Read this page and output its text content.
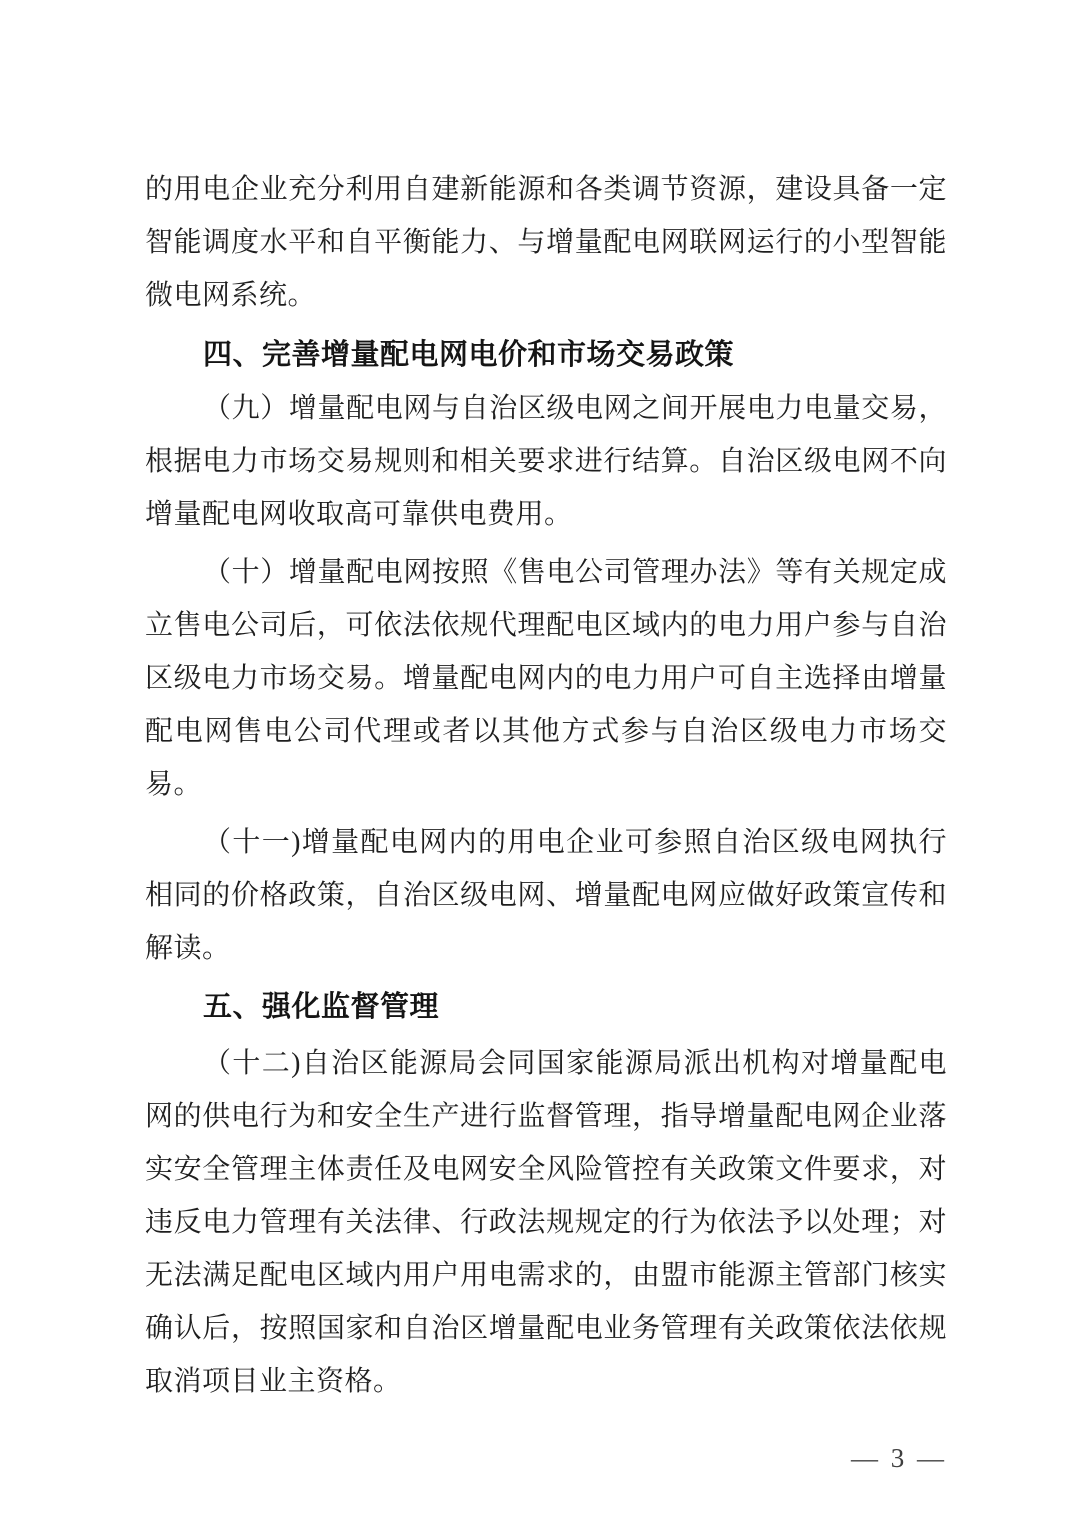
的用电企业充分利用自建新能源和各类调节资源，建设具备一定
智能调度水平和自平衡能力、与增量配电网联网运行的小型智能
微电网系统。
四、完善增量配电网电价和市场交易政策
（九）增量配电网与自治区级电网之间开展电力电量交易，
根据电力市场交易规则和相关要求进行结算。自治区级电网不向
增量配电网收取高可靠供电费用。
（十）增量配电网按照《售电公司管理办法》等有关规定成
立售电公司后，可依法依规代理配电区域内的电力用户参与自治
区级电力市场交易。增量配电网内的电力用户可自主选择由增量
配电网售电公司代理或者以其他方式参与自治区级电力市场交
易。
（十一)增量配电网内的用电企业可参照自治区级电网执行
相同的价格政策，自治区级电网、增量配电网应做好政策宣传和
解读。
五、强化监督管理
（十二)自治区能源局会同国家能源局派出机构对增量配电
网的供电行为和安全生产进行监督管理，指导增量配电网企业落
实安全管理主体责任及电网安全风险管控有关政策文件要求，对
违反电力管理有关法律、行政法规规定的行为依法予以处理；对
无法满足配电区域内用户用电需求的，由盟市能源主管部门核实
确认后，按照国家和自治区增量配电业务管理有关政策依法依规
取消项目业主资格。
— 3 —
